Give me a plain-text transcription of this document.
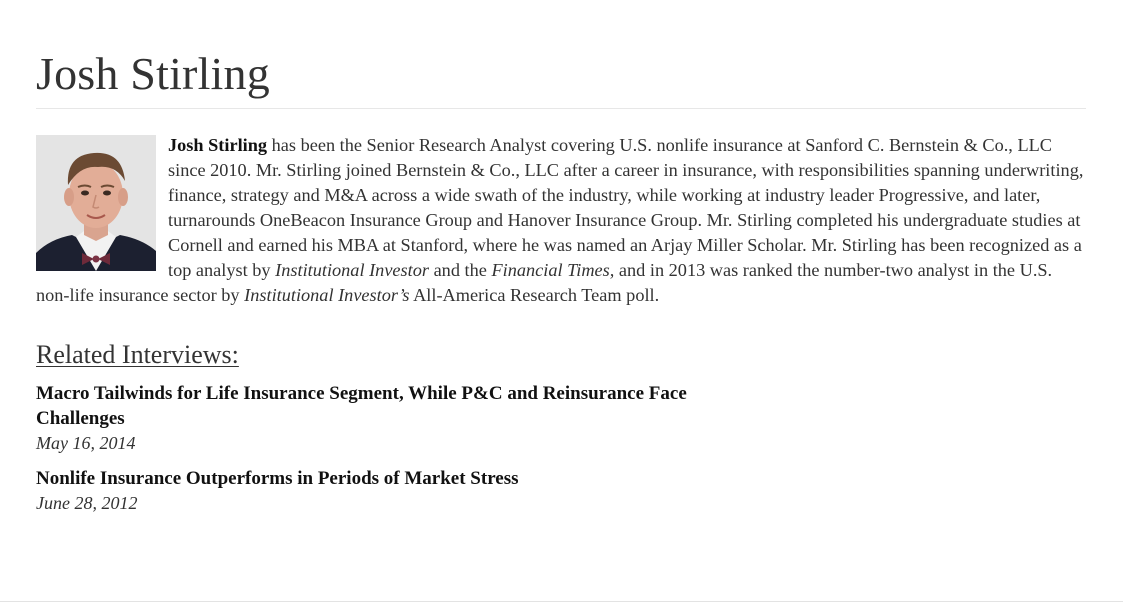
Josh Stirling
Josh Stirling has been the Senior Research Analyst covering U.S. nonlife insurance at Sanford C. Bernstein & Co., LLC since 2010. Mr. Stirling joined Bernstein & Co., LLC after a career in insurance, with responsibilities spanning underwriting, finance, strategy and M&A across a wide swath of the industry, while working at industry leader Progressive, and later, turnarounds OneBeacon Insurance Group and Hanover Insurance Group. Mr. Stirling completed his undergraduate studies at Cornell and earned his MBA at Stanford, where he was named an Arjay Miller Scholar. Mr. Stirling has been recognized as a top analyst by Institutional Investor and the Financial Times, and in 2013 was ranked the number-two analyst in the U.S. non-life insurance sector by Institutional Investor’s All-America Research Team poll.
Related Interviews:
Macro Tailwinds for Life Insurance Segment, While P&C and Reinsurance Face Challenges
May 16, 2014
Nonlife Insurance Outperforms in Periods of Market Stress
June 28, 2012
